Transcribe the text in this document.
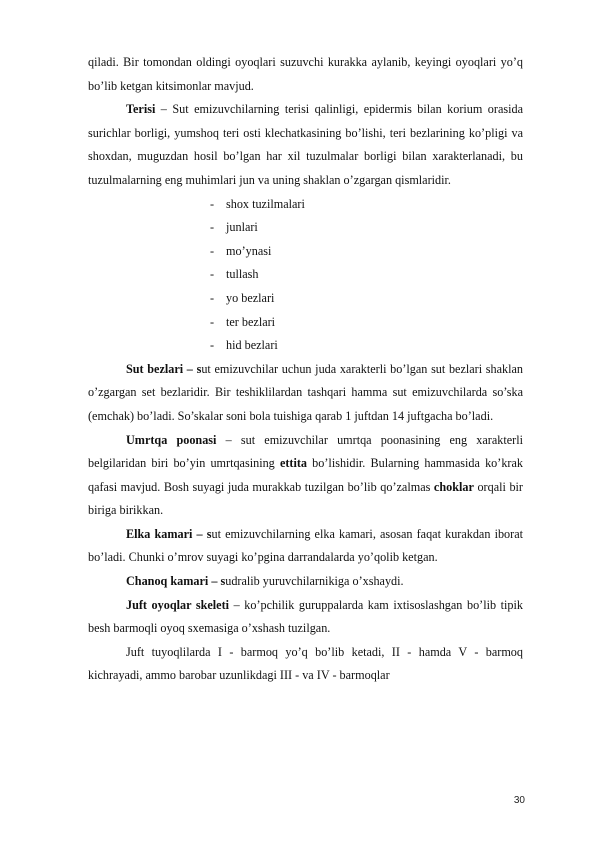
qiladi. Bir tomondan oldingi oyoqlari suzuvchi kurakka aylanib, keyingi oyoqlari yo’q bo’lib ketgan kitsimonlar mavjud.

Terisi – Sut emizuvchilarning terisi qalinligi, epidermis bilan korium orasida surichlar borligi, yumshoq teri osti klechatkasining bo’lishi, teri bezlarining ko’pligi va shoxdan, muguzdan hosil bo’lgan har xil tuzulmalar borligi bilan xarakterlanadi, bu tuzulmalarning eng muhimlari jun va uning shaklan o’zgargan qismlaridir.

- shox tuzilmalari
- junlari
- mo’ynasi
- tullash
- yo bezlari
- ter bezlari
- hid bezlari

Sut bezlari – sut emizuvchilar uchun juda xarakterli bo’lgan sut bezlari shaklan o’zgargan set bezlaridir. Bir teshiklilardan tashqari hamma sut emizuvchilarda so’ska (emchak) bo’ladi. So’skalar soni bola tuishiga qarab 1 juftdan 14 juftgacha bo’ladi.

Umrtqa poonasi – sut emizuvchilar umrtqa poonasining eng xarakterli belgilaridan biri bo’yin umrtqasining ettita bo’lishidir. Bularning hammasida ko’krak qafasi mavjud. Bosh suyagi juda murakkab tuzilgan bo’lib qo’zalmas choklar orqali bir biriga birikkan.

Elka kamari – sut emizuvchilarning elka kamari, asosan faqat kurakdan iborat bo’ladi. Chunki o’mrov suyagi ko’pgina darrandalarda yo’qolib ketgan.

Chanoq kamari – sudralib yuruvchilarnikiga o’xshaydi.

Juft oyoqlar skeleti – ko’pchilik guruppalarda kam ixtisoslashgan bo’lib tipik besh barmoqli oyoq sxemasiga o’xshash tuzilgan.

Juft tuyoqlilarda I - barmoq yo’q bo’lib ketadi, II - hamda V - barmoq kichrayadi, ammo barobar uzunlikdagi III - va IV - barmoqlar

30
